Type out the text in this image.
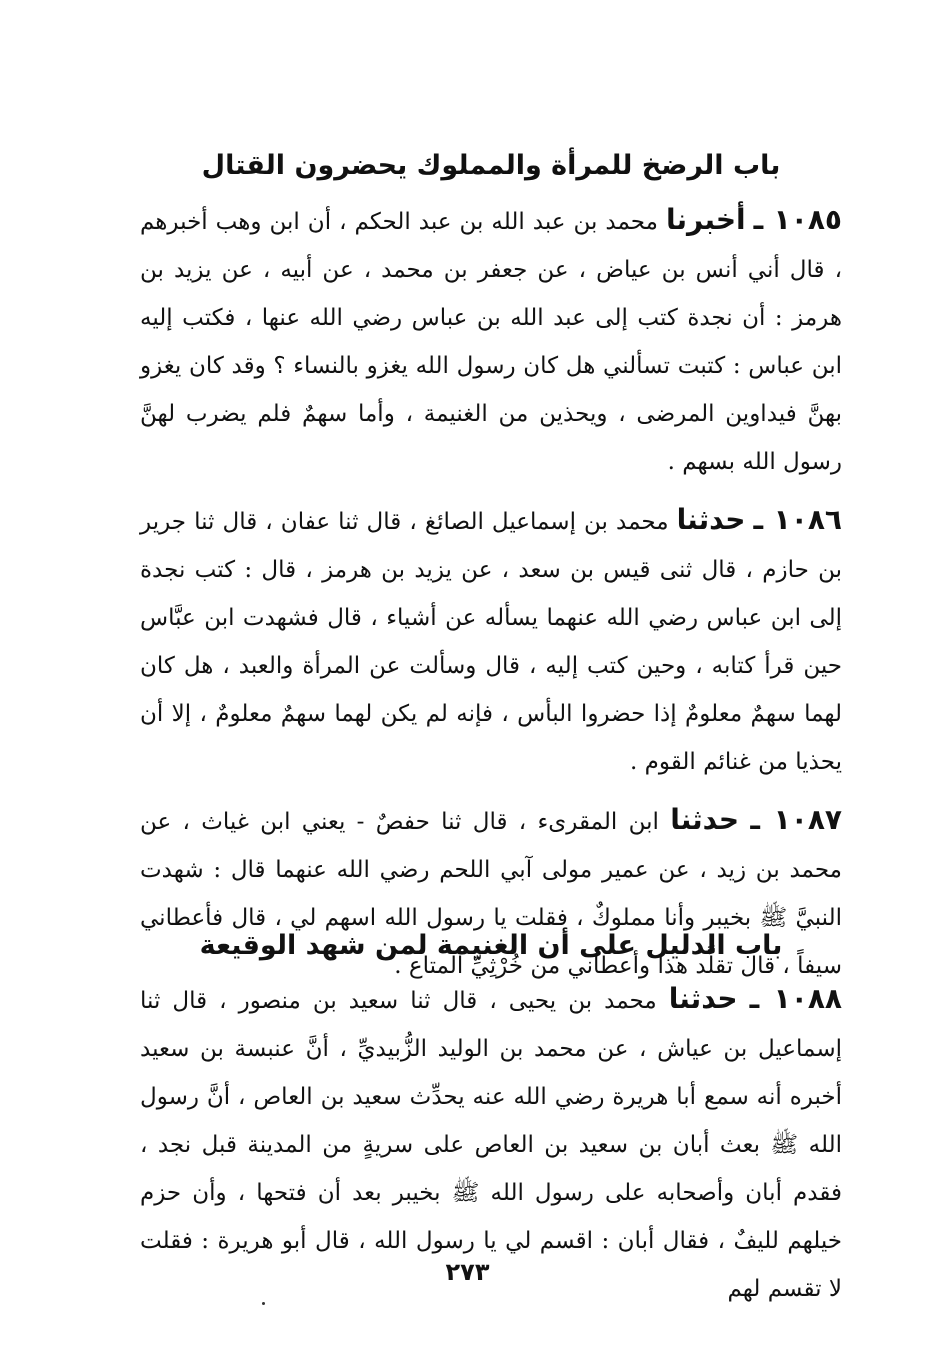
باب الرضخ للمرأة والمملوك يحضرون القتال

١٠٨٥ ـ أخبرنا محمد بن عبد الله بن عبد الحكم ، أن ابن وهب أخبرهم ، قال أني أنس بن عياض ، عن جعفر بن محمد ، عن أبيه ، عن يزيد بن هرمز : أن نجدة كتب إلى عبد الله بن عباس رضي الله عنها ، فكتب إليه ابن عباس : كتبت تسألني هل كان رسول الله يغزو بالنساء ؟ وقد كان يغزو بهنَّ فيداوين المرضى ، ويحذين من الغنيمة ، وأما سهمٌ فلم يضرب لهنَّ رسول الله بسهم .

١٠٨٦ ـ حدثنا محمد بن إسماعيل الصائغ ، قال ثنا عفان ، قال ثنا جرير بن حازم ، قال ثنى قيس بن سعد ، عن يزيد بن هرمز ، قال : كتب نجدة إلى ابن عباس رضي الله عنهما يسأله عن أشياء ، قال فشهدت ابن عبَّاس حين قرأ كتابه ، وحين كتب إليه ، قال وسألت عن المرأة والعبد ، هل كان لهما سهمٌ معلومٌ إذا حضروا البأس ، فإنه لم يكن لهما سهمٌ معلومٌ ، إلا أن يحذيا من غنائم القوم .

١٠٨٧ ـ حدثنا ابن المقرىء ، قال ثنا حفصٌ - يعني ابن غياث ، عن محمد بن زيد ، عن عمير مولى آبي اللحم رضي الله عنهما قال : شهدت النبيَّ ﷺ بخيبر وأنا مملوكٌ ، فقلت يا رسول الله اسهم لي ، قال فأعطاني سيفاً ، قال تقلَّد هذا وأعطاني من خُرْثِيِّ المتاع .

باب الدليل على أن الغنيمة لمن شهد الوقيعة

١٠٨٨ ـ حدثنا محمد بن يحيى ، قال ثنا سعيد بن منصور ، قال ثنا إسماعيل بن عياش ، عن محمد بن الوليد الزُّبيديِّ ، أنَّ عنبسة بن سعيد أخبره أنه سمع أبا هريرة رضي الله عنه يحدِّث سعيد بن العاص ، أنَّ رسول الله ﷺ بعث أبان بن سعيد بن العاص على سريةٍ من المدينة قبل نجد ، فقدم أبان وأصحابه على رسول الله ﷺ بخيبر بعد أن فتحها ، وأن حزم خيلهم لليفٌ ، فقال أبان : اقسم لي يا رسول الله ، قال أبو هريرة : فقلت لا تقسم لهم

٢٧٣
